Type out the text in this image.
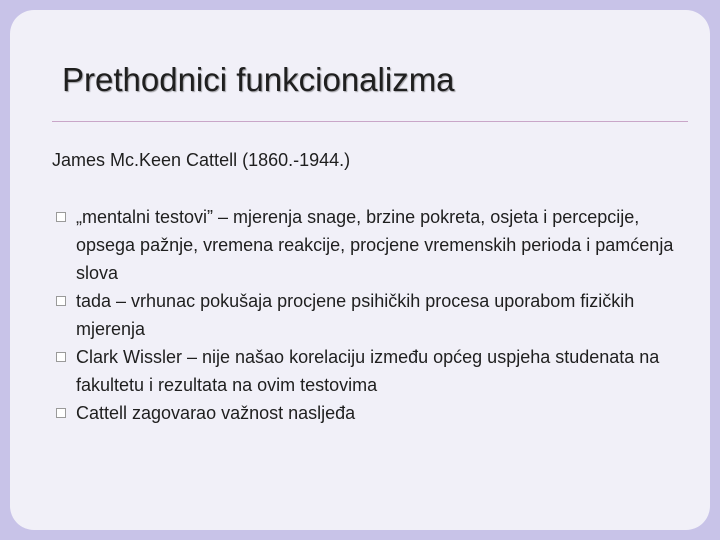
Prethodnici funkcionalizma
James Mc.Keen Cattell (1860.-1944.)
„mentalni testovi” – mjerenja snage, brzine pokreta, osjeta i percepcije, opsega pažnje, vremena reakcije, procjene vremenskih perioda i pamćenja slova
tada – vrhunac pokušaja procjene psihičkih procesa uporabom fizičkih mjerenja
Clark Wissler – nije našao korelaciju između općeg uspjeha studenata na fakultetu i rezultata na ovim testovima
Cattell zagovarao važnost nasljeđa
